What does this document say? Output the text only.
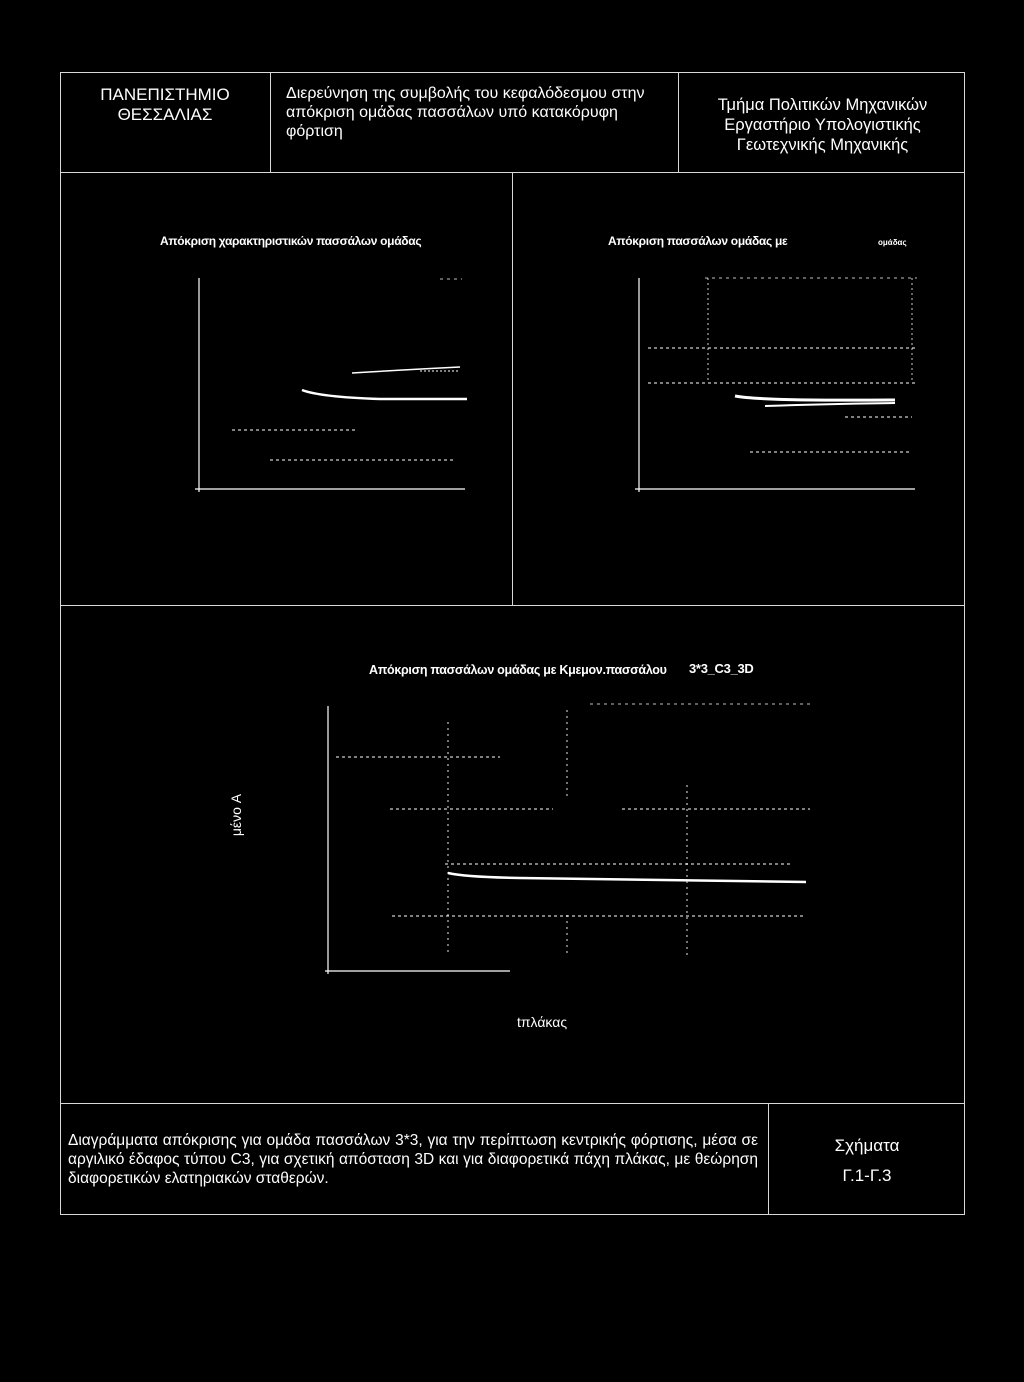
ΠΑΝΕΠΙΣΤΗΜΙΟ ΘΕΣΣΑΛΙΑΣ
Διερεύνηση της συμβολής του κεφαλόδεσμου στην απόκριση ομάδας πασσάλων υπό κατακόρυφη φόρτιση
Τμήμα Πολιτικών Μηχανικών Εργαστήριο Υπολογιστικής Γεωτεχνικής Μηχανικής
Απόκριση χαρακτηριστικών πασσάλων ομάδας	Απόκριση πασσάλων ομάδας με	ομάδας
Απόκριση πασσάλων ομάδας με Kμεμον.πασσάλου 3*3_C3_3D
μένο A
tπλάκας
Διαγράμματα απόκρισης για ομάδα πασσάλων 3*3, για την περίπτωση κεντρικής φόρτισης, μέσα σε αργιλικό έδαφος τύπου C3, για σχετική απόσταση 3D και για διαφορετικά πάχη πλάκας, με θεώρηση διαφορετικών ελατηριακών σταθερών.
Σχήματα
Γ.1-Γ.3
